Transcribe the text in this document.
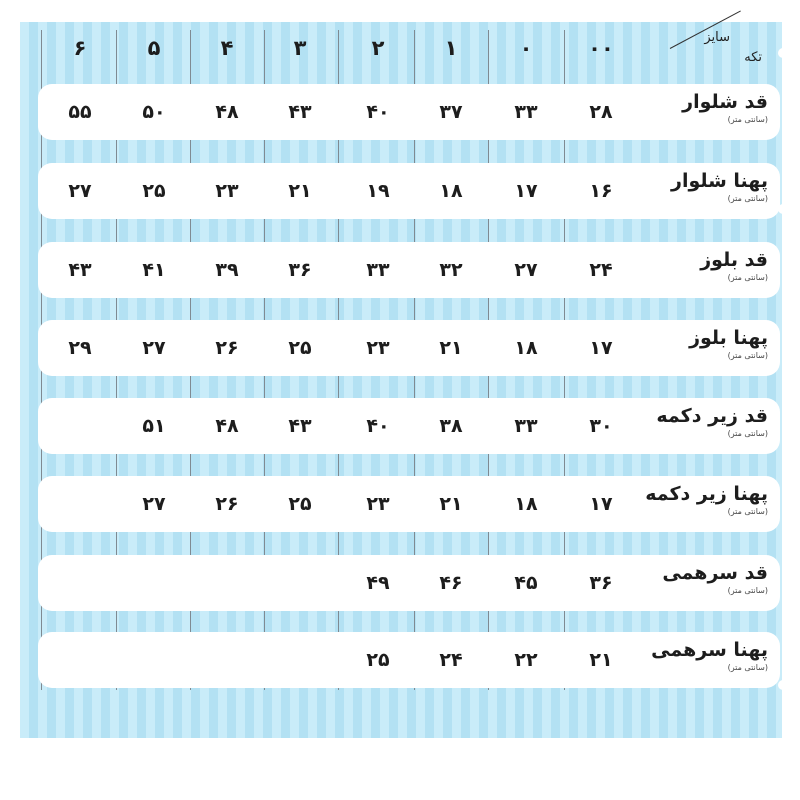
۰۰
۰
۱
۲
۳
۴
۵
۶	سایز
تکه
قد شلوار
(سانتی متر)
۲۸
۳۳
۳۷
۴۰
۴۳
۴۸
۵۰
۵۵
پهنا شلوار
(سانتی متر)
۱۶
۱۷
۱۸
۱۹
۲۱
۲۳
۲۵
۲۷
قد بلوز
(سانتی متر)
۲۴
۲۷
۳۲
۳۳
۳۶
۳۹
۴۱
۴۳
پهنا بلوز
(سانتی متر)
۱۷
۱۸
۲۱
۲۳
۲۵
۲۶
۲۷
۲۹
قد زیر دکمه
(سانتی متر)
۳۰
۳۳
۳۸
۴۰
۴۳
۴۸
۵۱
پهنا زیر دکمه
(سانتی متر)
۱۷
۱۸
۲۱
۲۳
۲۵
۲۶
۲۷
قد سرهمی
(سانتی متر)
۳۶
۴۵
۴۶
۴۹
پهنا سرهمی
(سانتی متر)
۲۱
۲۲
۲۴
۲۵
